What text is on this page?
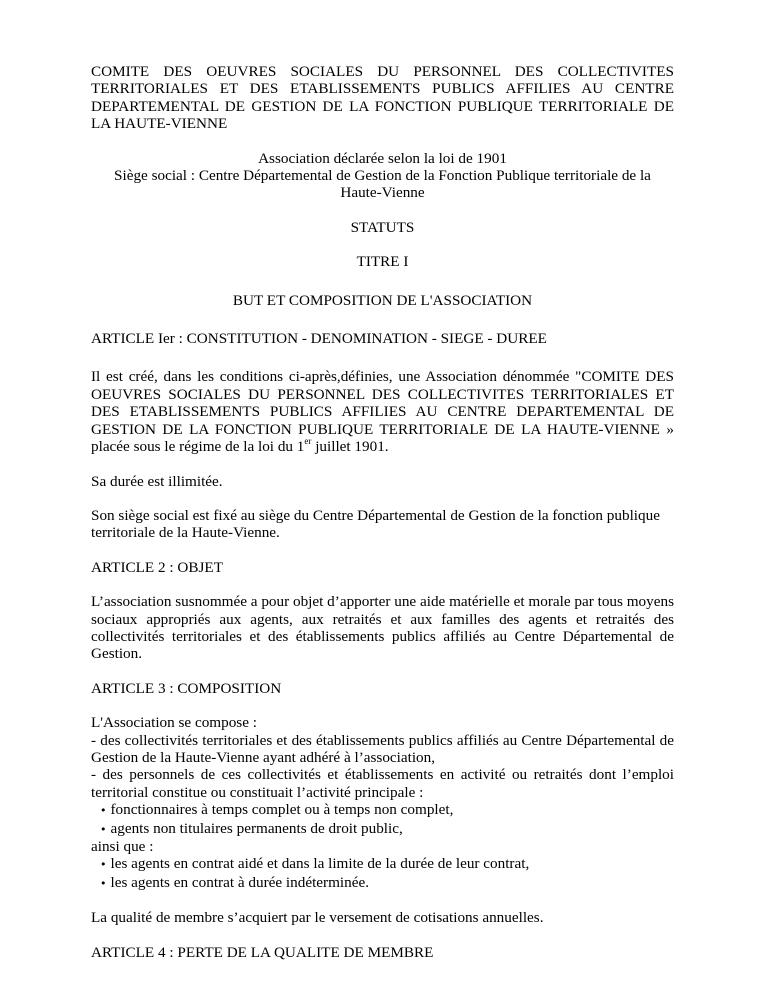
COMITE DES OEUVRES SOCIALES DU PERSONNEL DES COLLECTIVITES TERRITORIALES ET DES ETABLISSEMENTS PUBLICS AFFILIES AU CENTRE DEPARTEMENTAL DE GESTION DE LA FONCTION PUBLIQUE TERRITORIALE DE LA HAUTE-VIENNE

Association déclarée selon la loi de 1901

Siège social : Centre Départemental de Gestion de la Fonction Publique territoriale de la Haute-Vienne

STATUTS

TITRE I

BUT ET COMPOSITION DE L'ASSOCIATION

ARTICLE Ier : CONSTITUTION - DENOMINATION - SIEGE - DUREE

Il est créé, dans les conditions ci-après,définies, une Association dénommée "COMITE DES OEUVRES SOCIALES DU PERSONNEL DES COLLECTIVITES TERRITORIALES ET DES ETABLISSEMENTS PUBLICS AFFILIES AU CENTRE DEPARTEMENTAL DE GESTION DE LA FONCTION PUBLIQUE TERRITORIALE DE LA HAUTE-VIENNE » placée sous le régime de la loi du 1er juillet 1901.

Sa durée est illimitée.

Son siège social est fixé au siège du Centre Départemental de Gestion de la fonction publique territoriale de la Haute-Vienne.

ARTICLE 2 : OBJET

L’association susnommée a pour objet d’apporter une aide matérielle et morale par tous moyens sociaux appropriés aux agents, aux retraités et aux familles des agents et retraités des collectivités territoriales et des établissements publics affiliés au Centre Départemental de Gestion.

ARTICLE 3 : COMPOSITION

L'Association se compose :

- des collectivités territoriales et des établissements publics affiliés au Centre Départemental de Gestion de la Haute-Vienne ayant adhéré à l’association,

- des personnels de ces collectivités et établissements en activité ou retraités dont l’emploi territorial constitue ou constituait l’activité principale :

• fonctionnaires à temps complet ou à temps non complet,
• agents non titulaires permanents de droit public,

ainsi que :

• les agents en contrat aidé et dans la limite de la durée de leur contrat,
• les agents en contrat à durée indéterminée.

La qualité de membre s’acquiert par le versement de cotisations annuelles.

ARTICLE 4 : PERTE DE LA QUALITE DE MEMBRE
